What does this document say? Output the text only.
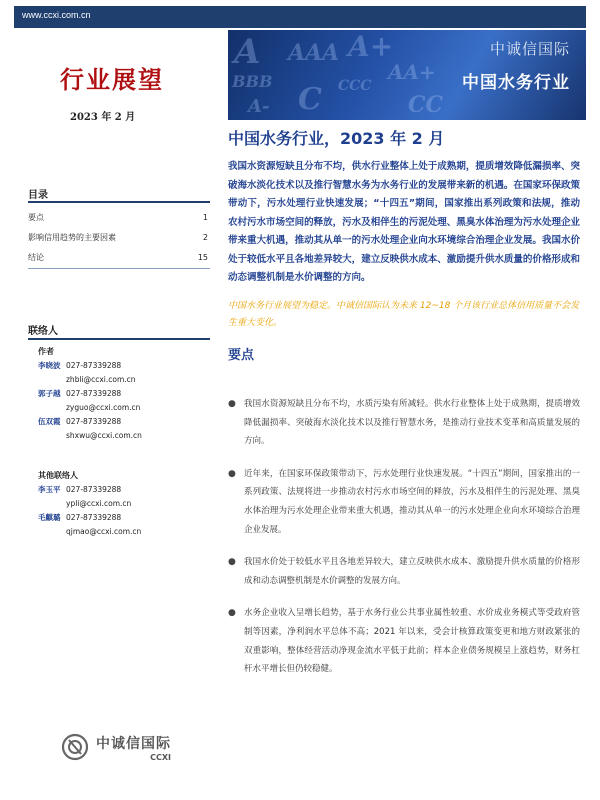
www.ccxi.com.cn
A AAA A+
BBB	CCC
AA+
C
A-	CC
中诚信国际
中国水务行业
行业展望
2023 年 2 月
目录
要点	1
影响信用趋势的主要因素	2
结论	15
联络人
作者
李晓波 027-87339288
zhbli@ccxi.com.cn
郭子越 027-87339288
zyguo@ccxi.com.cn
伍双霞 027-87339288
shxwu@ccxi.com.cn
其他联络人
李玉平 027-87339288
ypli@ccxi.com.cn
毛麒璐 027-87339288
qjmao@ccxi.com.cn
中国水务行业，2023 年 2 月
我国水资源短缺且分布不均，供水行业整体上处于成熟期，提质增效降低漏损率、突破海水淡化技术以及推行智慧水务为水务行业的发展带来新的机遇。在国家环保政策带动下，污水处理行业快速发展；“十四五”期间，国家推出系列政策和法规，推动农村污水市场空间的释放，污水及相伴生的污泥处理、黑臭水体治理为污水处理企业带来重大机遇，推动其从单一的污水处理企业向水环境综合治理企业发展。我国水价处于较低水平且各地差异较大，建立反映供水成本、激励提升供水质量的价格形成和动态调整机制是水价调整的方向。
中国水务行业展望为稳定。中诚信国际认为未来 12~18 个月该行业总体信用质量不会发生重大变化。
要点
● 我国水资源短缺且分布不均，水质污染有所减轻。供水行业整体上处于成熟期，提质增效降低漏损率、突破海水淡化技术以及推行智慧水务，是推动行业技术变革和高质量发展的方向。
● 近年来，在国家环保政策带动下，污水处理行业快速发展。“十四五”期间，国家推出的一系列政策、法规将进一步推动农村污水市场空间的释放，污水及相伴生的污泥处理、黑臭水体治理为污水处理企业带来重大机遇，推动其从单一的污水处理企业向水环境综合治理企业发展。
● 我国水价处于较低水平且各地差异较大，建立反映供水成本、激励提升供水质量的价格形成和动态调整机制是水价调整的发展方向。
● 水务企业收入呈增长趋势，基于水务行业公共事业属性较重、水价成业务模式等受政府管制等因素，净利润水平总体不高；2021 年以来，受会计核算政策变更和地方财政紧张的双重影响，整体经营活动净现金流水平低于此前；样本企业债务规模呈上涨趋势，财务杠杆水平增长但仍较稳健。
中诚信国际
CCXI
